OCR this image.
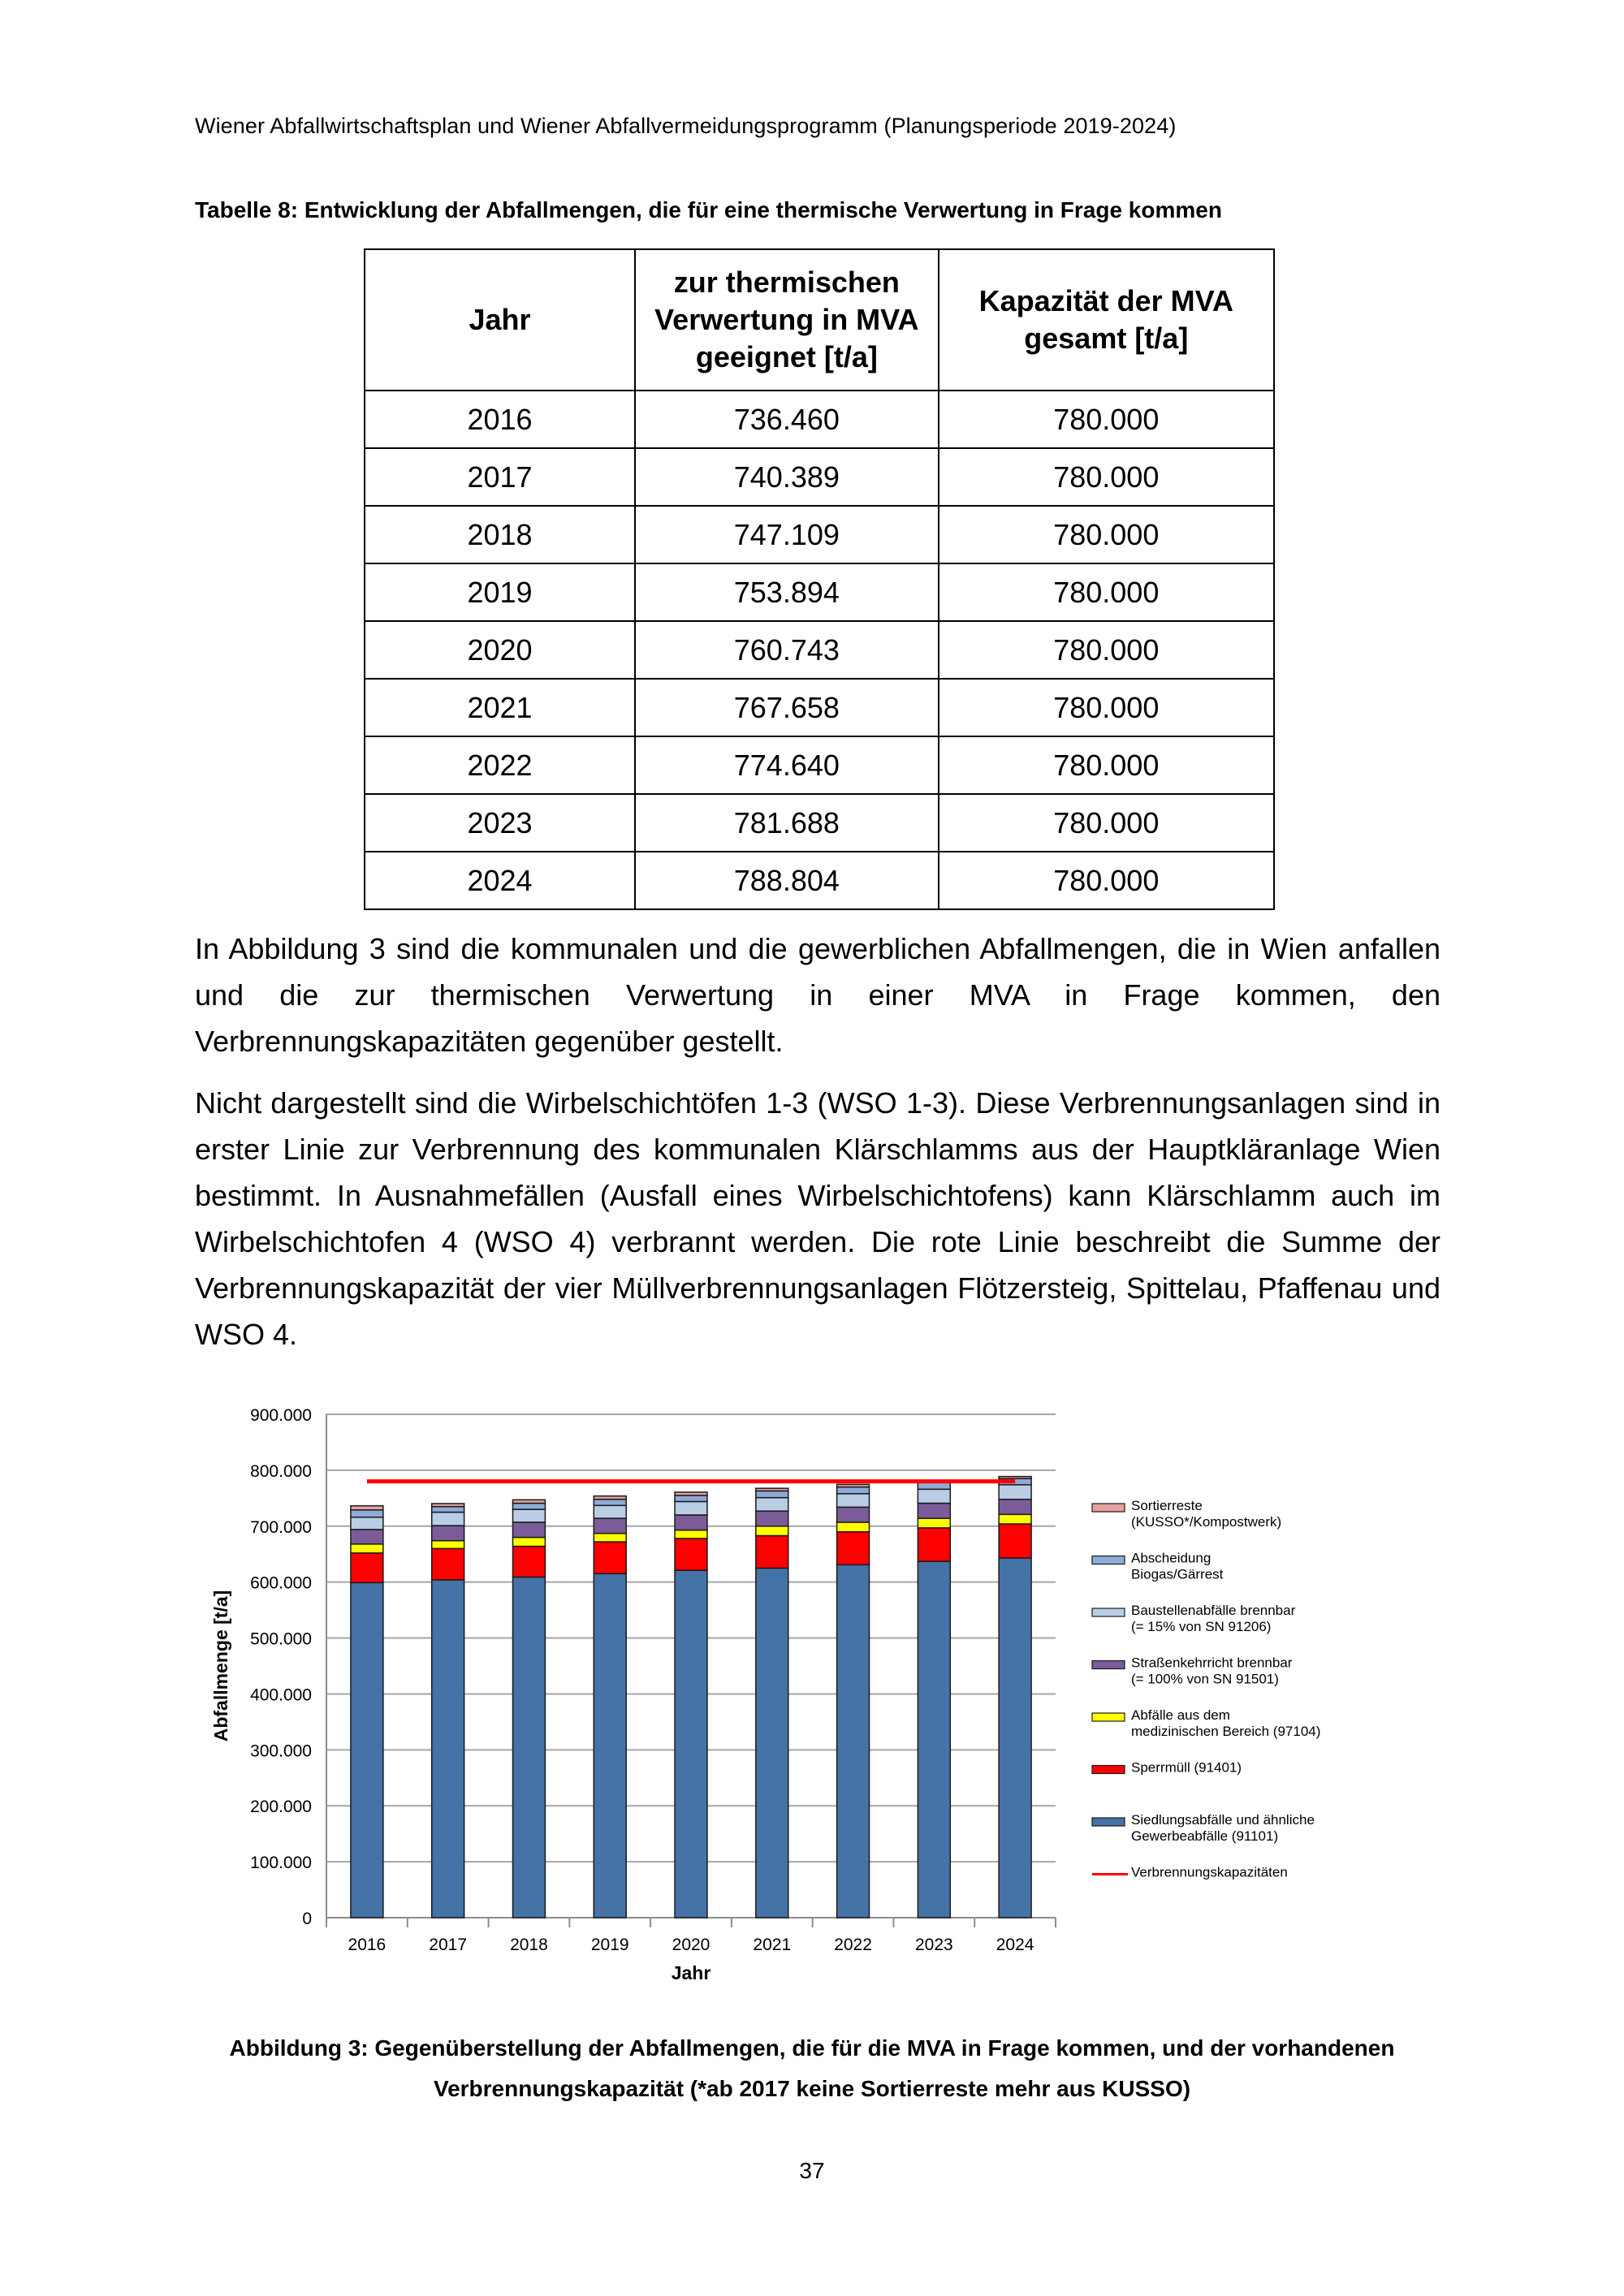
Wiener Abfallwirtschaftsplan und Wiener Abfallvermeidungsprogramm (Planungsperiode 2019-2024)
Tabelle 8: Entwicklung der Abfallmengen, die für eine thermische Verwertung in Frage kommen
Jahr	zur thermischen Verwertung in MVA geeignet [t/a]	Kapazität der MVA gesamt [t/a]
2016	736.460	780.000
2017	740.389	780.000
2018	747.109	780.000
2019	753.894	780.000
2020	760.743	780.000
2021	767.658	780.000
2022	774.640	780.000
2023	781.688	780.000
2024	788.804	780.000
In Abbildung 3 sind die kommunalen und die gewerblichen Abfallmengen, die in Wien anfallen und die zur thermischen Verwertung in einer MVA in Frage kommen, den Verbrennungskapazitäten gegenüber gestellt.
Nicht dargestellt sind die Wirbelschichtöfen 1-3 (WSO 1-3). Diese Verbrennungsanlagen sind in erster Linie zur Verbrennung des kommunalen Klärschlamms aus der Hauptkläranlage Wien bestimmt. In Ausnahmefällen (Ausfall eines Wirbelschichtofens) kann Klärschlamm auch im Wirbelschichtofen 4 (WSO 4) verbrannt werden. Die rote Linie beschreibt die Summe der Verbrennungskapazität der vier Müllverbrennungsanlagen Flötzersteig, Spittelau, Pfaffenau und WSO 4.
0
100.000
200.000
300.000
400.000
500.000
600.000
700.000
800.000
900.000
2016	2017	2018	2019	2020	2021	2022	2023	2024
Jahr
Abfallmenge [t/a]
Sortierreste
(KUSSO*/Kompostwerk)
Abscheidung
Biogas/Gärrest
Baustellenabfälle brennbar
(= 15% von SN 91206)
Straßenkehrricht brennbar
(= 100% von SN 91501)
Abfälle aus dem
medizinischen Bereich (97104)
Sperrmüll (91401)
Siedlungsabfälle und ähnliche
Gewerbeabfälle (91101)
Verbrennungskapazitäten
Abbildung 3: Gegenüberstellung der Abfallmengen, die für die MVA in Frage kommen, und der vorhandenen
Verbrennungskapazität (*ab 2017 keine Sortierreste mehr aus KUSSO)
37
